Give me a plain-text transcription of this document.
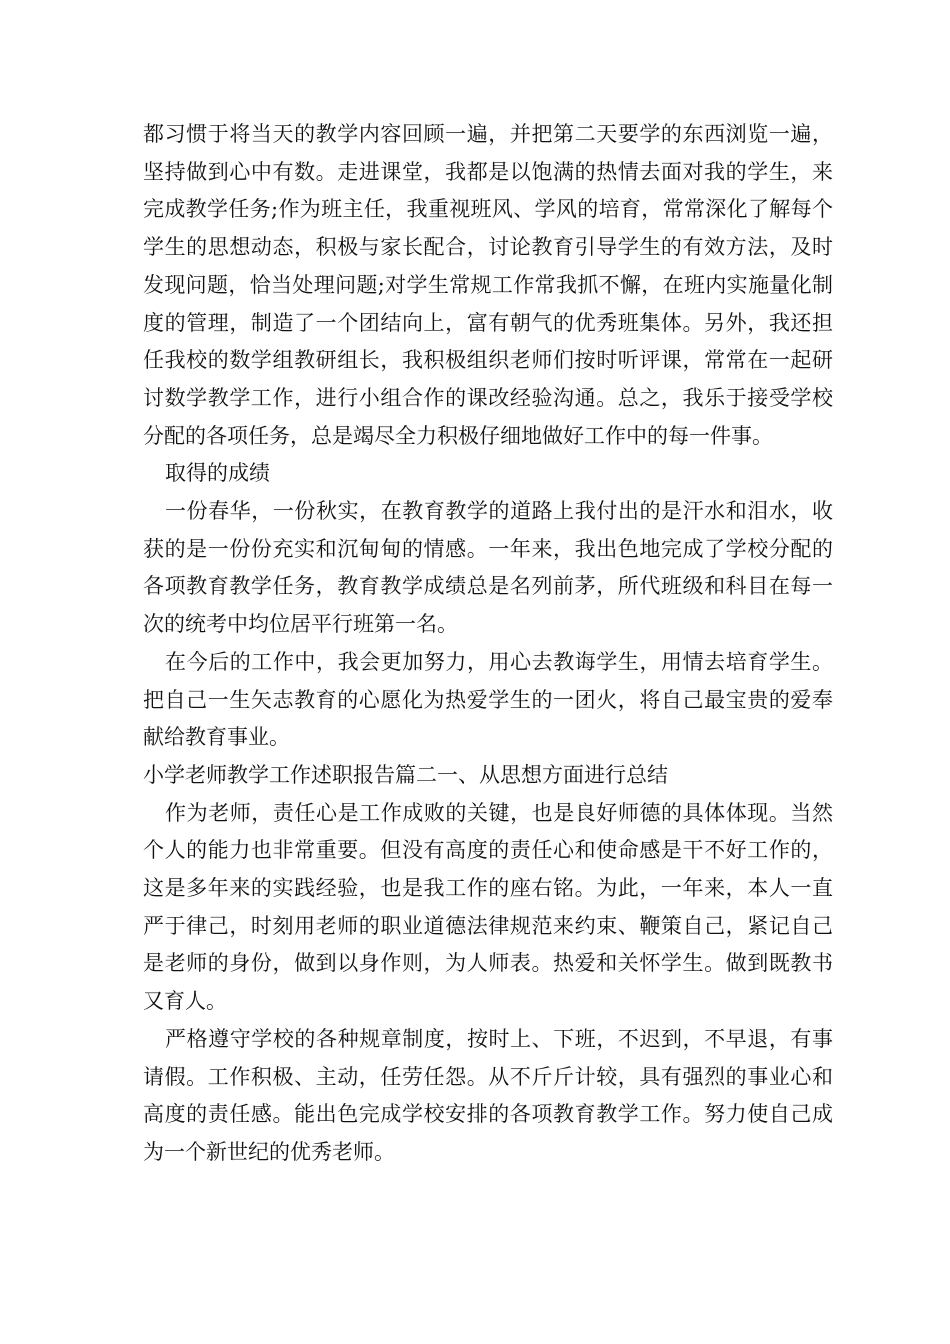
都习惯于将当天的教学内容回顾一遍，并把第二天要学的东西浏览一遍，坚持做到心中有数。走进课堂，我都是以饱满的热情去面对我的学生，来完成教学任务;作为班主任，我重视班风、学风的培育，常常深化了解每个学生的思想动态，积极与家长配合，讨论教育引导学生的有效方法，及时发现问题，恰当处理问题;对学生常规工作常我抓不懈，在班内实施量化制度的管理，制造了一个团结向上，富有朝气的优秀班集体。另外，我还担任我校的数学组教研组长，我积极组织老师们按时听评课，常常在一起研讨数学教学工作，进行小组合作的课改经验沟通。总之，我乐于接受学校分配的各项任务，总是竭尽全力积极仔细地做好工作中的每一件事。

取得的成绩

一份春华，一份秋实，在教育教学的道路上我付出的是汗水和泪水，收获的是一份份充实和沉甸甸的情感。一年来，我出色地完成了学校分配的各项教育教学任务，教育教学成绩总是名列前茅，所代班级和科目在每一次的统考中均位居平行班第一名。

在今后的工作中，我会更加努力，用心去教诲学生，用情去培育学生。把自己一生矢志教育的心愿化为热爱学生的一团火，将自己最宝贵的爱奉献给教育事业。

小学老师教学工作述职报告篇二一、从思想方面进行总结

作为老师，责任心是工作成败的关键，也是良好师德的具体体现。当然个人的能力也非常重要。但没有高度的责任心和使命感是干不好工作的，这是多年来的实践经验，也是我工作的座右铭。为此，一年来，本人一直严于律己，时刻用老师的职业道德法律规范来约束、鞭策自己，紧记自己是老师的身份，做到以身作则，为人师表。热爱和关怀学生。做到既教书又育人。

严格遵守学校的各种规章制度，按时上、下班，不迟到，不早退，有事请假。工作积极、主动，任劳任怨。从不斤斤计较，具有强烈的事业心和高度的责任感。能出色完成学校安排的各项教育教学工作。努力使自己成为一个新世纪的优秀老师。
